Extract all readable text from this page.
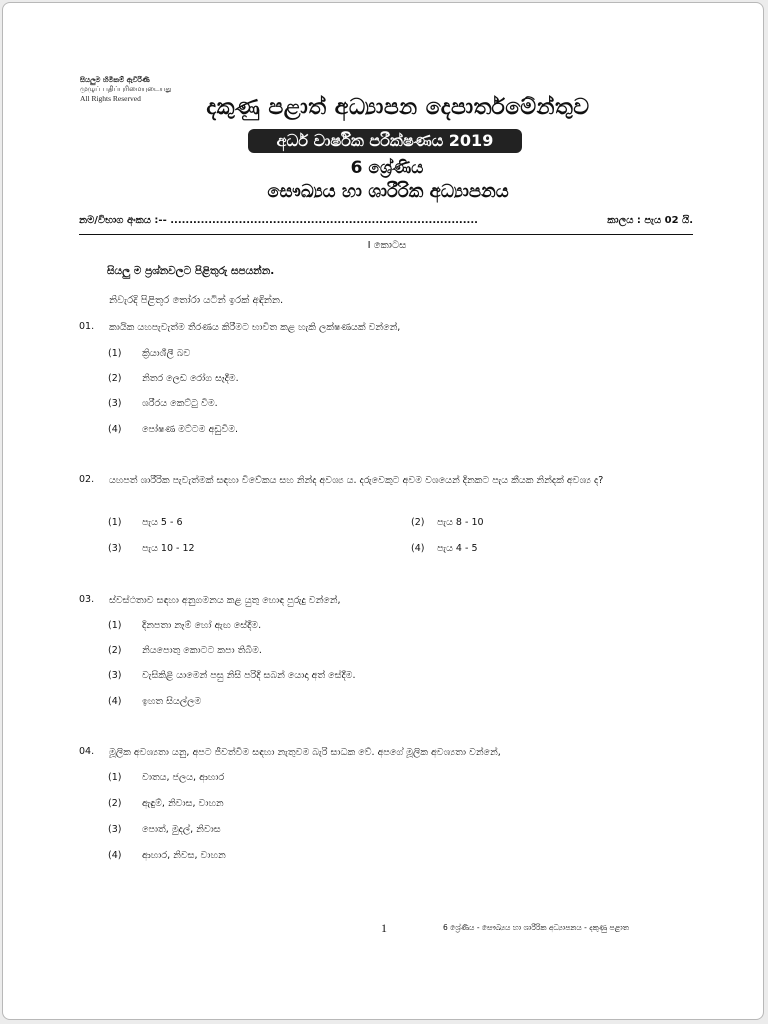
සියලුම හිමිකම් ඇවිරිණි
முழுப் பதிப்புரிமையுடையது
All Rights Reserved	දකුණු පළාත් අධ්‍යාපන දෙපාර්තමේන්තුව
අර්ධ වාර්ෂික පරීක්ෂණය 2019
6 ශ්‍රේණිය
සෞඛ්‍යය හා ශාරීරික අධ්‍යාපනය
නම/විභාග අංකය :-- .................................................................................	කාලය : පැය 02 යි.
I කොටස
සියලු ම ප්‍රශ්නවලට පිළිතුරු සපයන්න.
නිවැරදි පිළිතුර තෝරා යටින් ඉරක් අඳින්න.
01. කායික යහපැවැත්ම තීරණය කිරීමට භාවිත කළ හැකි ලක්ෂණයක් වන්නේ,
(1) ක්‍රියාශීලී බව
(2) නිතර ලෙඩ රෝග සෑදීම.
(3) ශරීරය කෙට්ටු වීම.
(4) පෝෂණ මට්ටම අඩුවීම.
02. යහපත් ශාරීරික පැවැත්මක් සඳහා විවේකය සහ නින්ද අවශ්‍ය ය. දරුවෙකුට අවම වශයෙන් දිනකට පැය කීයක නින්දක් අවශ්‍ය ද?
(1) පැය 5 - 6	(2) පැය 8 - 10
(3) පැය 10 - 12	(4) පැය 4 - 5
03. ස්වස්ථතාව සඳහා අනුගමනය කළ යුතු හොඳ පුරුදු වන්නේ,
(1) දිනපතා නෑම් හෝ ඇඟ සේදීම.
(2) නියපොතු කොටට කපා තිබීම.
(3) වැසිකිළි යාමෙන් පසු නිසි පරිදි සබන් යොදා අත් සේදීම.
(4) ඉහත සියල්ලම
04. මූලික අවශ්‍යතා යනු, අපට ජීවත්වීම සඳහා නැතුවම බැරි සාධක වේ. අපගේ මූලික අවශ්‍යතා වන්නේ,
(1) වාතය, ජලය, ආහාර
(2) ඇඳුම්, නිවාස, වාහන
(3) පොත්, මුදල්, නිවාස
(4) ආහාර, නිවස, වාහන
1	6 ශ්‍රේණිය - සෞඛ්‍යය හා ශාරීරික අධ්‍යාපනය - දකුණු පළාත
